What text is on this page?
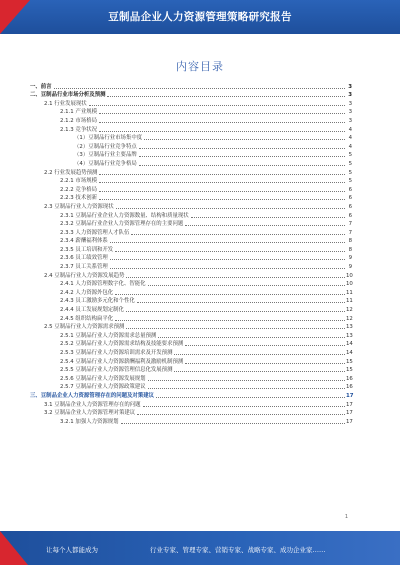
豆制品企业人力资源管理策略研究报告
内容目录
一、前言	3
二、豆制品行业市场分析及预测	3
2.1 行业发展现状	3
2.1.1 产业规模	3
2.1.2 市场格局	3
2.1.3 竞争状况	4
（1）豆制品行业市场集中度	4
（2）豆制品行业竞争特点	4
（3）豆制品行业主要品牌	5
（4）豆制品行业竞争格局	5
2.2 行业发展趋势预测	5
2.2.1 市场规模	5
2.2.2 竞争格局	6
2.2.3 技术创新	6
2.3 豆制品行业人力资源现状	6
2.3.1 豆制品行业企业人力资源数量、结构和质量现状	6
2.3.2 豆制品行业企业人力资源管理存在的主要问题	7
2.3.3 人力资源管理人才队伍	7
2.3.4 薪酬福利体系	8
2.3.5 员工培训和开发	8
2.3.6 员工绩效管理	9
2.3.7 员工关系管理	9
2.4 豆制品行业人力资源发展趋势	10
2.4.1 人力资源管理数字化、智能化	10
2.4.2 人力资源外包化	11
2.4.3 员工激励多元化和个性化	11
2.4.4 员工发展规划定制化	12
2.4.5 组织结构扁平化	12
2.5 豆制品行业人力资源需求预测	13
2.5.1 豆制品行业人力资源需求总量预测	13
2.5.2 豆制品行业人力资源需求结构及技能要求预测	14
2.5.3 豆制品行业人力资源培训需求及开发预测	14
2.5.4 豆制品行业人力资源薪酬福利及激励机制预测	15
2.5.5 豆制品行业人力资源管理信息化发展预测	15
2.5.6 豆制品行业人力资源发展规划	16
2.5.7 豆制品行业人力资源政策建议	16
三、豆制品企业人力资源管理存在的问题及对策建议	17
3.1 豆制品企业人力资源管理存在的问题	17
3.2 豆制品企业人力资源管理对策建议	17
3.2.1 加强人力资源规划	17
1
让每个人都能成为	行业专家、管理专家、营销专家、战略专家、成功企业家……
